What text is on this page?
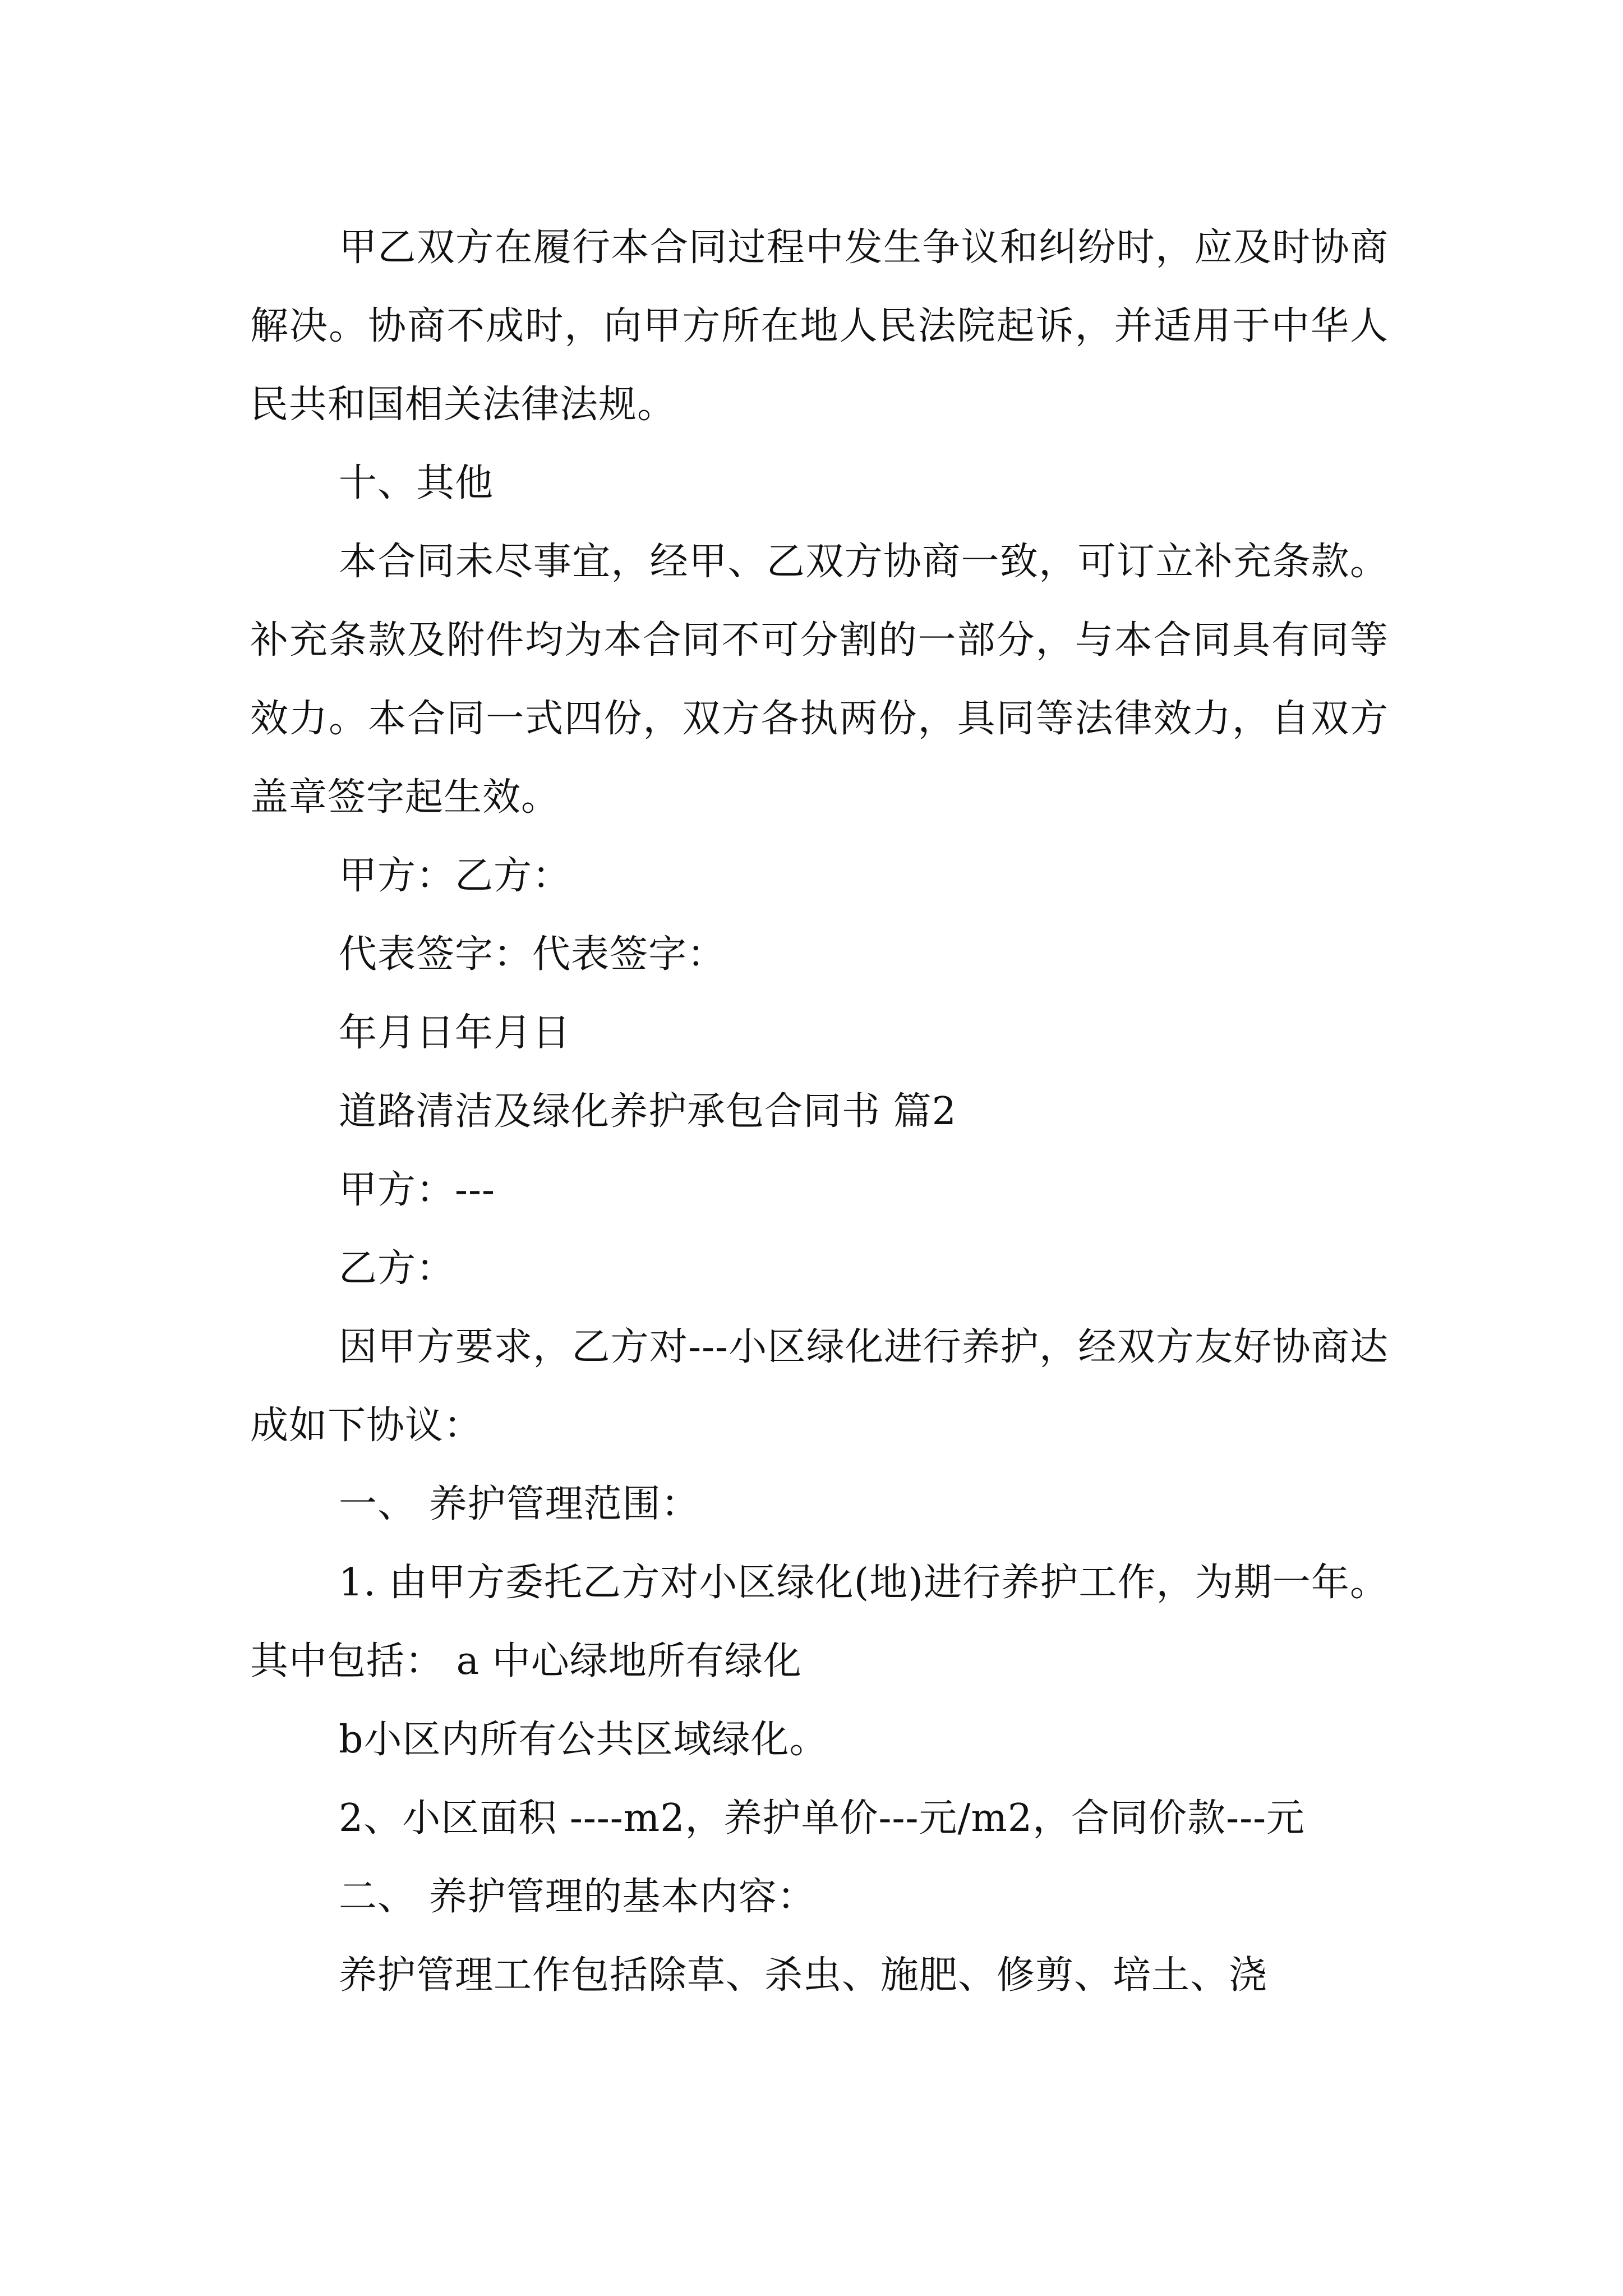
甲乙双方在履行本合同过程中发生争议和纠纷时，应及时协商解决。协商不成时，向甲方所在地人民法院起诉，并适用于中华人民共和国相关法律法规。

十、其他

本合同未尽事宜，经甲、乙双方协商一致，可订立补充条款。补充条款及附件均为本合同不可分割的一部分，与本合同具有同等效力。本合同一式四份，双方各执两份，具同等法律效力，自双方盖章签字起生效。

甲方：乙方：

代表签字：代表签字：

年月日年月日

道路清洁及绿化养护承包合同书 篇2

甲方：---

乙方：

因甲方要求，乙方对---小区绿化进行养护，经双方友好协商达成如下协议：

一、 养护管理范围：

1. 由甲方委托乙方对小区绿化(地)进行养护工作，为期一年。其中包括： a 中心绿地所有绿化

b小区内所有公共区域绿化。

2、小区面积 ----m2，养护单价---元/m2，合同价款---元

二、 养护管理的基本内容：

养护管理工作包括除草、杀虫、施肥、修剪、培土、浇
